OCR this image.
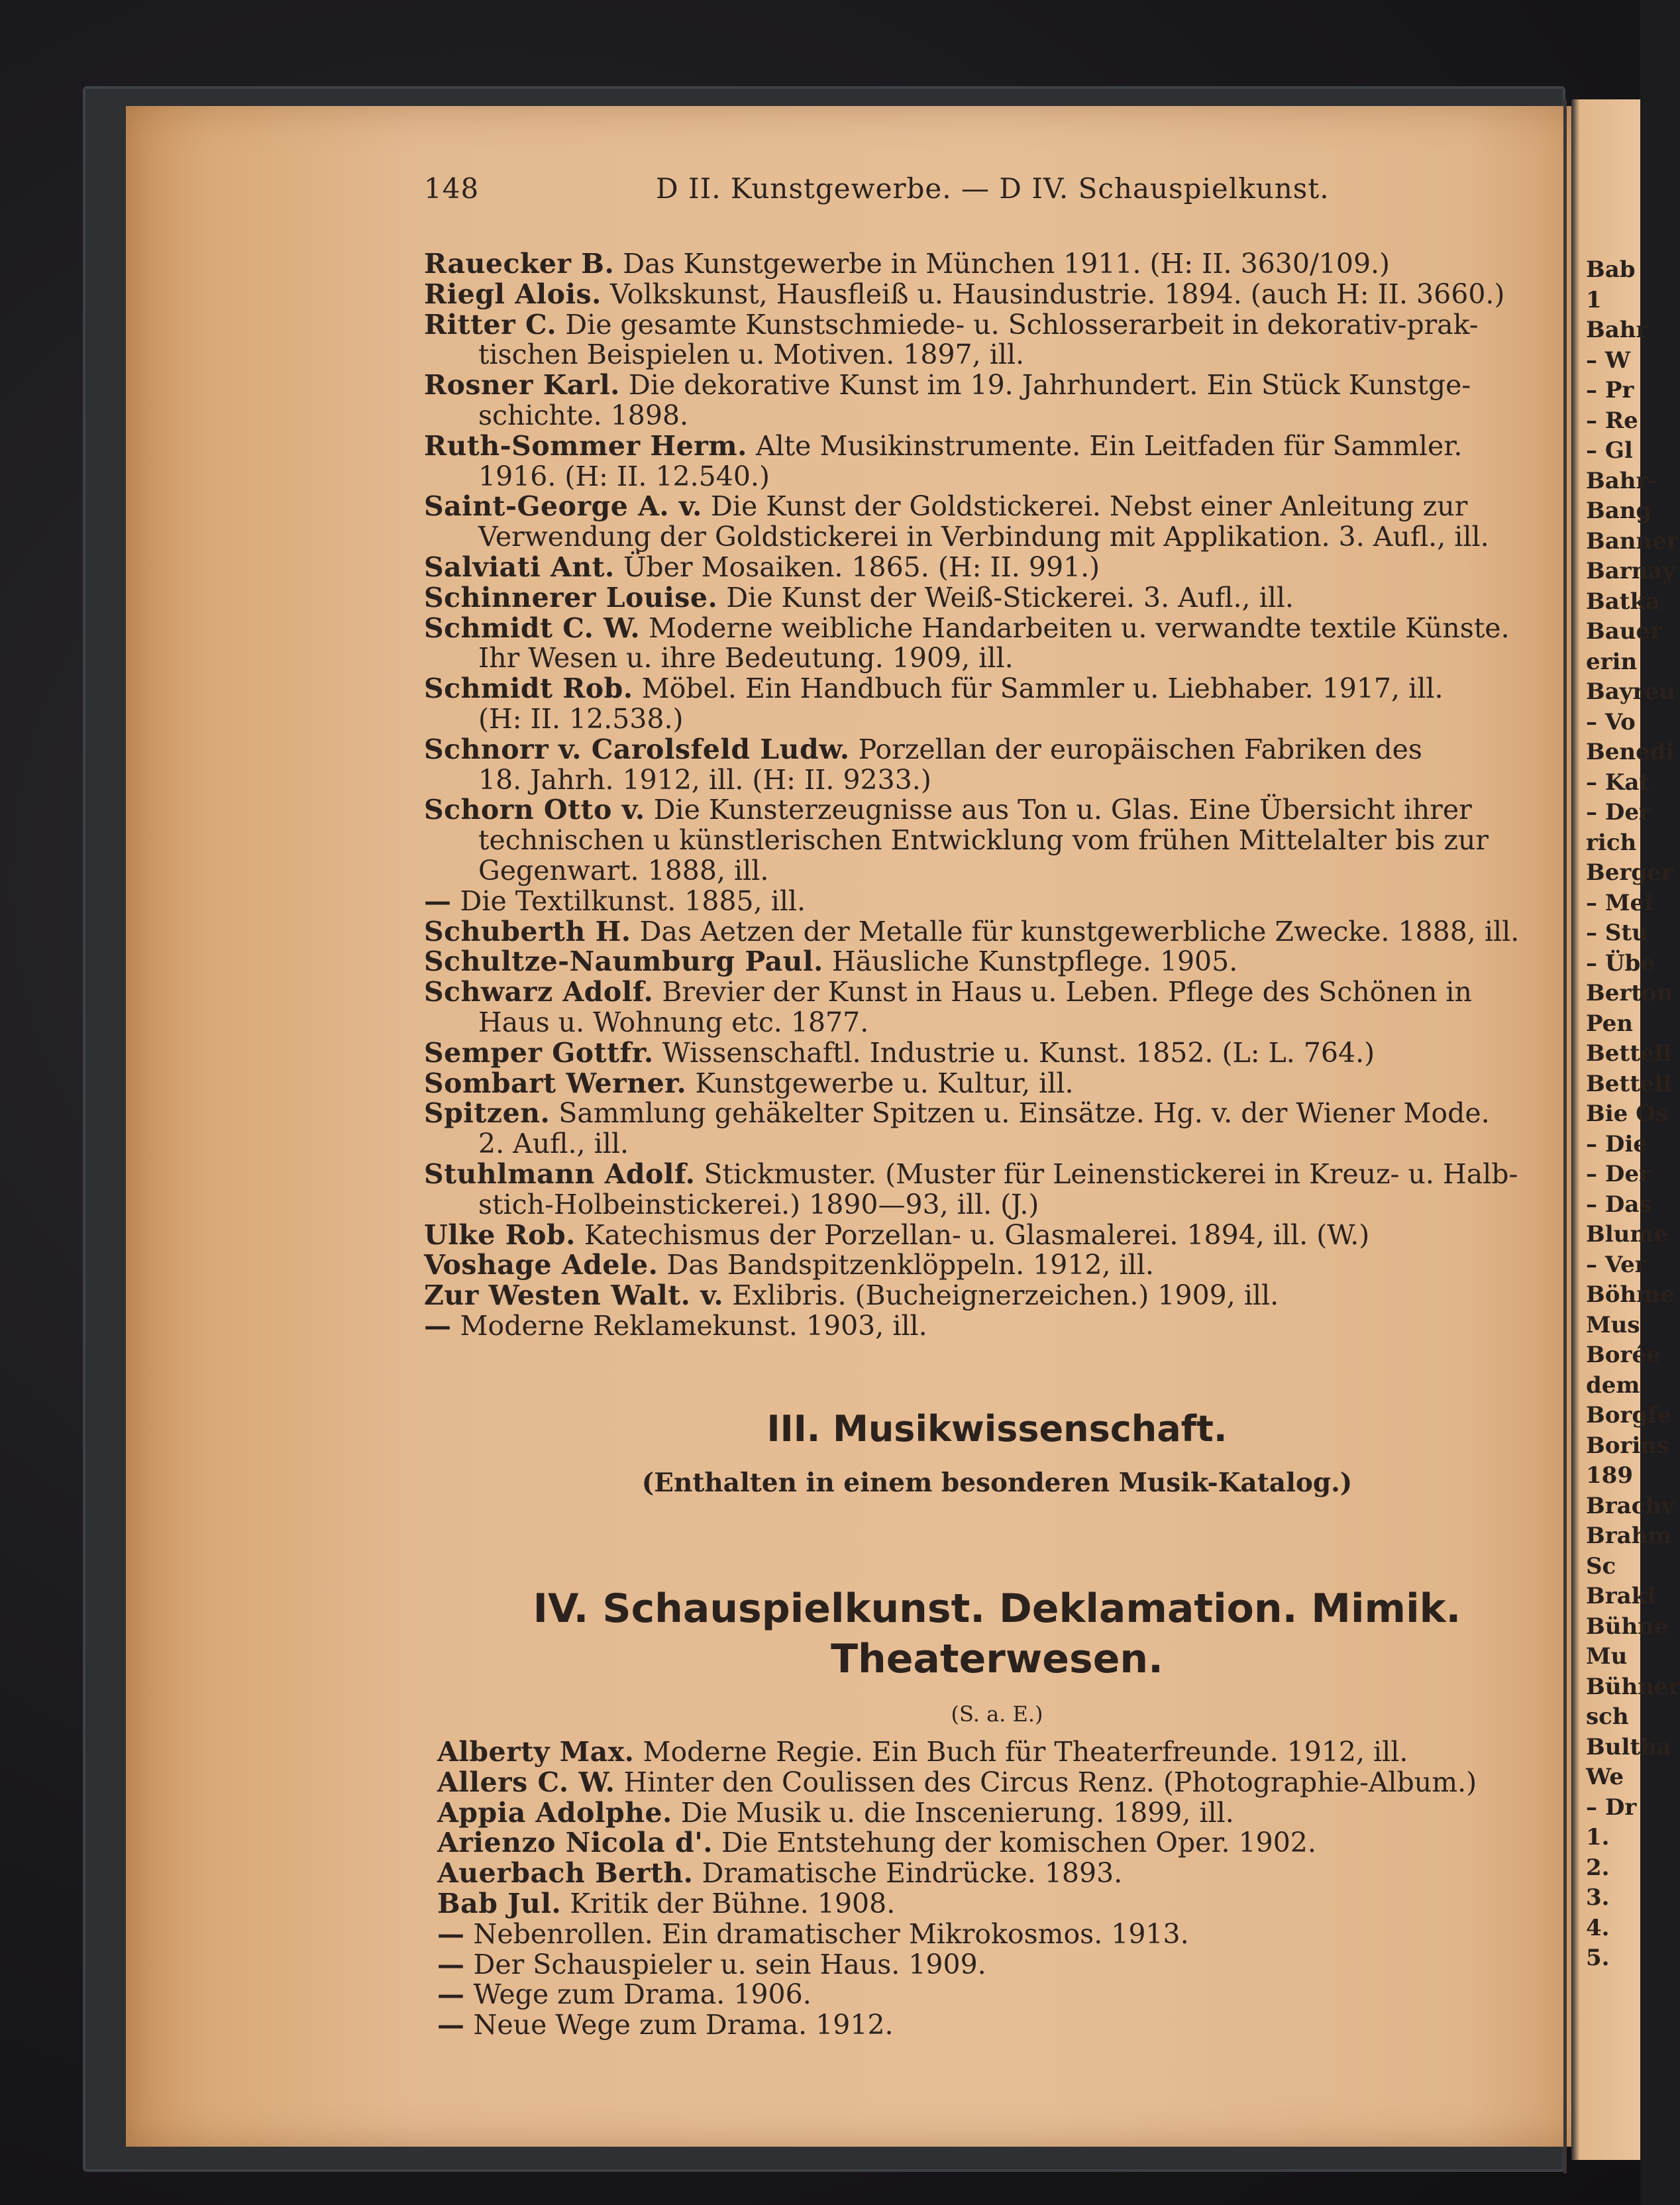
Bab
1
Bahr
– W
– Pr
– Re
– Gl
Bahr-
Bang
Banner
Barnay
Batka
Bauer
erin
Bayreu
– Vo
Benedi
– Kat
– Der
rich
Berger
– Mei
– Stu
– Übe
Berton
Pen
Bettell
Bettell
Bie Os
– Die
– Der
– Das
Blume
– Ver
Böhme
Mus
Borée
dem
Borgfe
Borins
189
Brachv
Brahm
Sc
Brakl
Bühne
Mu
Bühner
sch
Bultha
We
– Dr
1.
2.
3.
4.
5.
148	D II. Kunstgewerbe. — D IV. Schauspielkunst.
Rauecker B. Das Kunstgewerbe in München 1911. (H: II. 3630/109.)
Riegl Alois. Volkskunst, Hausfleiß u. Hausindustrie. 1894. (auch H: II. 3660.)
Ritter C. Die gesamte Kunstschmiede- u. Schlosserarbeit in dekorativ-prak-
tischen Beispielen u. Motiven. 1897, ill.
Rosner Karl. Die dekorative Kunst im 19. Jahrhundert. Ein Stück Kunstge-
schichte. 1898.
Ruth-Sommer Herm. Alte Musikinstrumente. Ein Leitfaden für Sammler.
1916. (H: II. 12.540.)
Saint-George A. v. Die Kunst der Goldstickerei. Nebst einer Anleitung zur
Verwendung der Goldstickerei in Verbindung mit Applikation. 3. Aufl., ill.
Salviati Ant. Über Mosaiken. 1865. (H: II. 991.)
Schinnerer Louise. Die Kunst der Weiß-Stickerei. 3. Aufl., ill.
Schmidt C. W. Moderne weibliche Handarbeiten u. verwandte textile Künste.
Ihr Wesen u. ihre Bedeutung. 1909, ill.
Schmidt Rob. Möbel. Ein Handbuch für Sammler u. Liebhaber. 1917, ill.
(H: II. 12.538.)
Schnorr v. Carolsfeld Ludw. Porzellan der europäischen Fabriken des
18. Jahrh. 1912, ill. (H: II. 9233.)
Schorn Otto v. Die Kunsterzeugnisse aus Ton u. Glas. Eine Übersicht ihrer
technischen u künstlerischen Entwicklung vom frühen Mittelalter bis zur
Gegenwart. 1888, ill.
— Die Textilkunst. 1885, ill.
Schuberth H. Das Aetzen der Metalle für kunstgewerbliche Zwecke. 1888, ill.
Schultze-Naumburg Paul. Häusliche Kunstpflege. 1905.
Schwarz Adolf. Brevier der Kunst in Haus u. Leben. Pflege des Schönen in
Haus u. Wohnung etc. 1877.
Semper Gottfr. Wissenschaftl. Industrie u. Kunst. 1852. (L: L. 764.)
Sombart Werner. Kunstgewerbe u. Kultur, ill.
Spitzen. Sammlung gehäkelter Spitzen u. Einsätze. Hg. v. der Wiener Mode.
2. Aufl., ill.
Stuhlmann Adolf. Stickmuster. (Muster für Leinenstickerei in Kreuz- u. Halb-
stich-Holbeinstickerei.) 1890—93, ill. (J.)
Ulke Rob. Katechismus der Porzellan- u. Glasmalerei. 1894, ill. (W.)
Voshage Adele. Das Bandspitzenklöppeln. 1912, ill.
Zur Westen Walt. v. Exlibris. (Bucheignerzeichen.) 1909, ill.
— Moderne Reklamekunst. 1903, ill.
III. Musikwissenschaft.
(Enthalten in einem besonderen Musik-Katalog.)
IV. Schauspielkunst. Deklamation. Mimik.
Theaterwesen.
(S. a. E.)
Alberty Max. Moderne Regie. Ein Buch für Theaterfreunde. 1912, ill.
Allers C. W. Hinter den Coulissen des Circus Renz. (Photographie-Album.)
Appia Adolphe. Die Musik u. die Inscenierung. 1899, ill.
Arienzo Nicola d'. Die Entstehung der komischen Oper. 1902.
Auerbach Berth. Dramatische Eindrücke. 1893.
Bab Jul. Kritik der Bühne. 1908.
— Nebenrollen. Ein dramatischer Mikrokosmos. 1913.
— Der Schauspieler u. sein Haus. 1909.
— Wege zum Drama. 1906.
— Neue Wege zum Drama. 1912.
